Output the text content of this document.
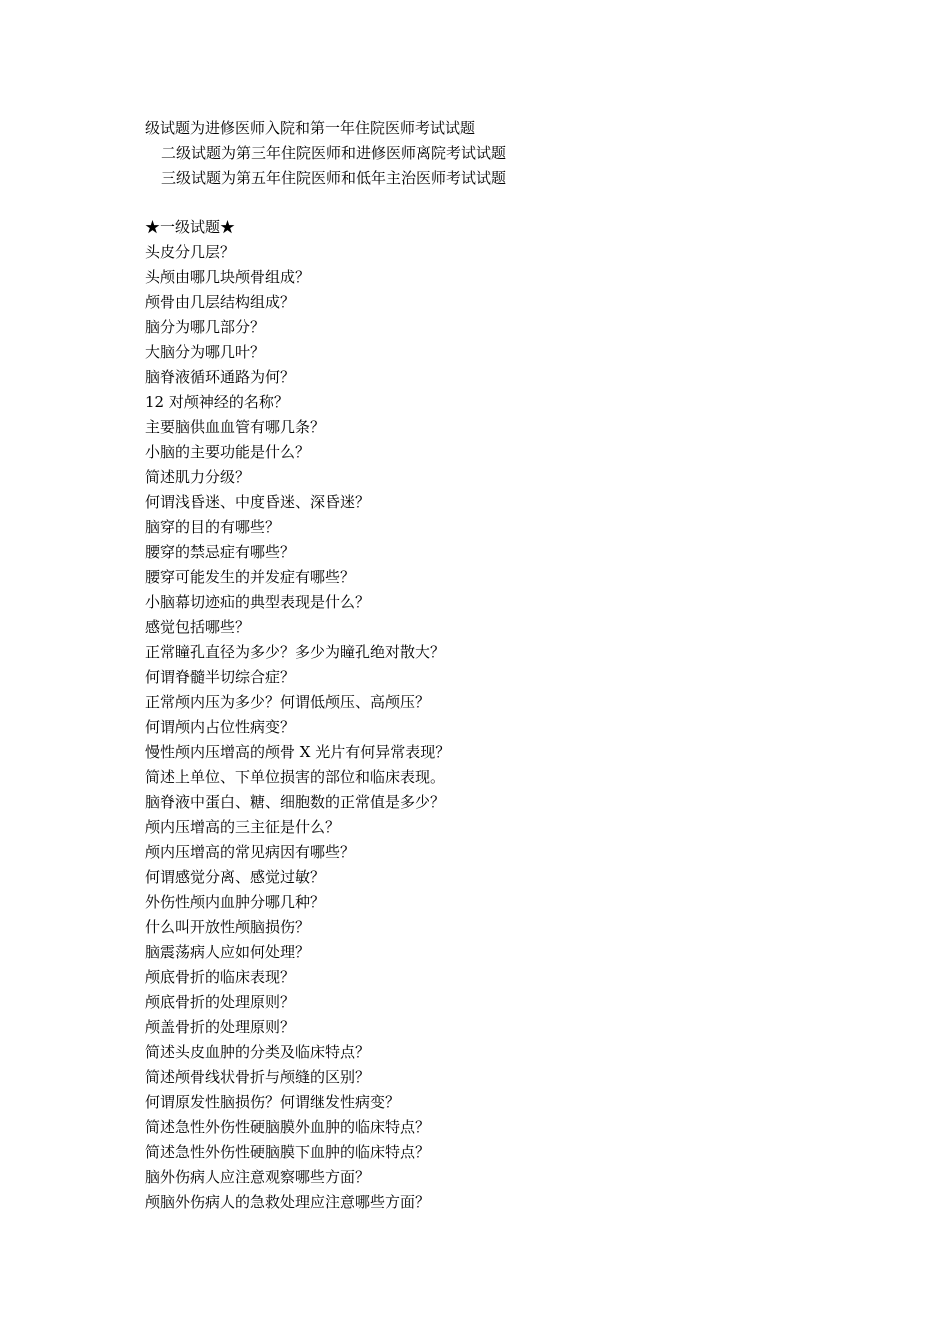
级试题为进修医师入院和第一年住院医师考试试题
二级试题为第三年住院医师和进修医师离院考试试题
三级试题为第五年住院医师和低年主治医师考试试题
★一级试题★
头皮分几层？
头颅由哪几块颅骨组成？
颅骨由几层结构组成？
脑分为哪几部分？
大脑分为哪几叶？
脑脊液循环通路为何？
12 对颅神经的名称？
主要脑供血血管有哪几条？
小脑的主要功能是什么？
简述肌力分级？
何谓浅昏迷、中度昏迷、深昏迷？
脑穿的目的有哪些？
腰穿的禁忌症有哪些？
腰穿可能发生的并发症有哪些？
小脑幕切迹疝的典型表现是什么？
感觉包括哪些？
正常瞳孔直径为多少？多少为瞳孔绝对散大？
何谓脊髓半切综合症？
正常颅内压为多少？何谓低颅压、高颅压？
何谓颅内占位性病变？
慢性颅内压增高的颅骨 X 光片有何异常表现？
简述上单位、下单位损害的部位和临床表现。
脑脊液中蛋白、糖、细胞数的正常值是多少？
颅内压增高的三主征是什么？
颅内压增高的常见病因有哪些？
何谓感觉分离、感觉过敏？
外伤性颅内血肿分哪几种？
什么叫开放性颅脑损伤？
脑震荡病人应如何处理？
颅底骨折的临床表现？
颅底骨折的处理原则？
颅盖骨折的处理原则？
简述头皮血肿的分类及临床特点？
简述颅骨线状骨折与颅缝的区别？
何谓原发性脑损伤？何谓继发性病变？
简述急性外伤性硬脑膜外血肿的临床特点？
简述急性外伤性硬脑膜下血肿的临床特点？
脑外伤病人应注意观察哪些方面？
颅脑外伤病人的急救处理应注意哪些方面？
